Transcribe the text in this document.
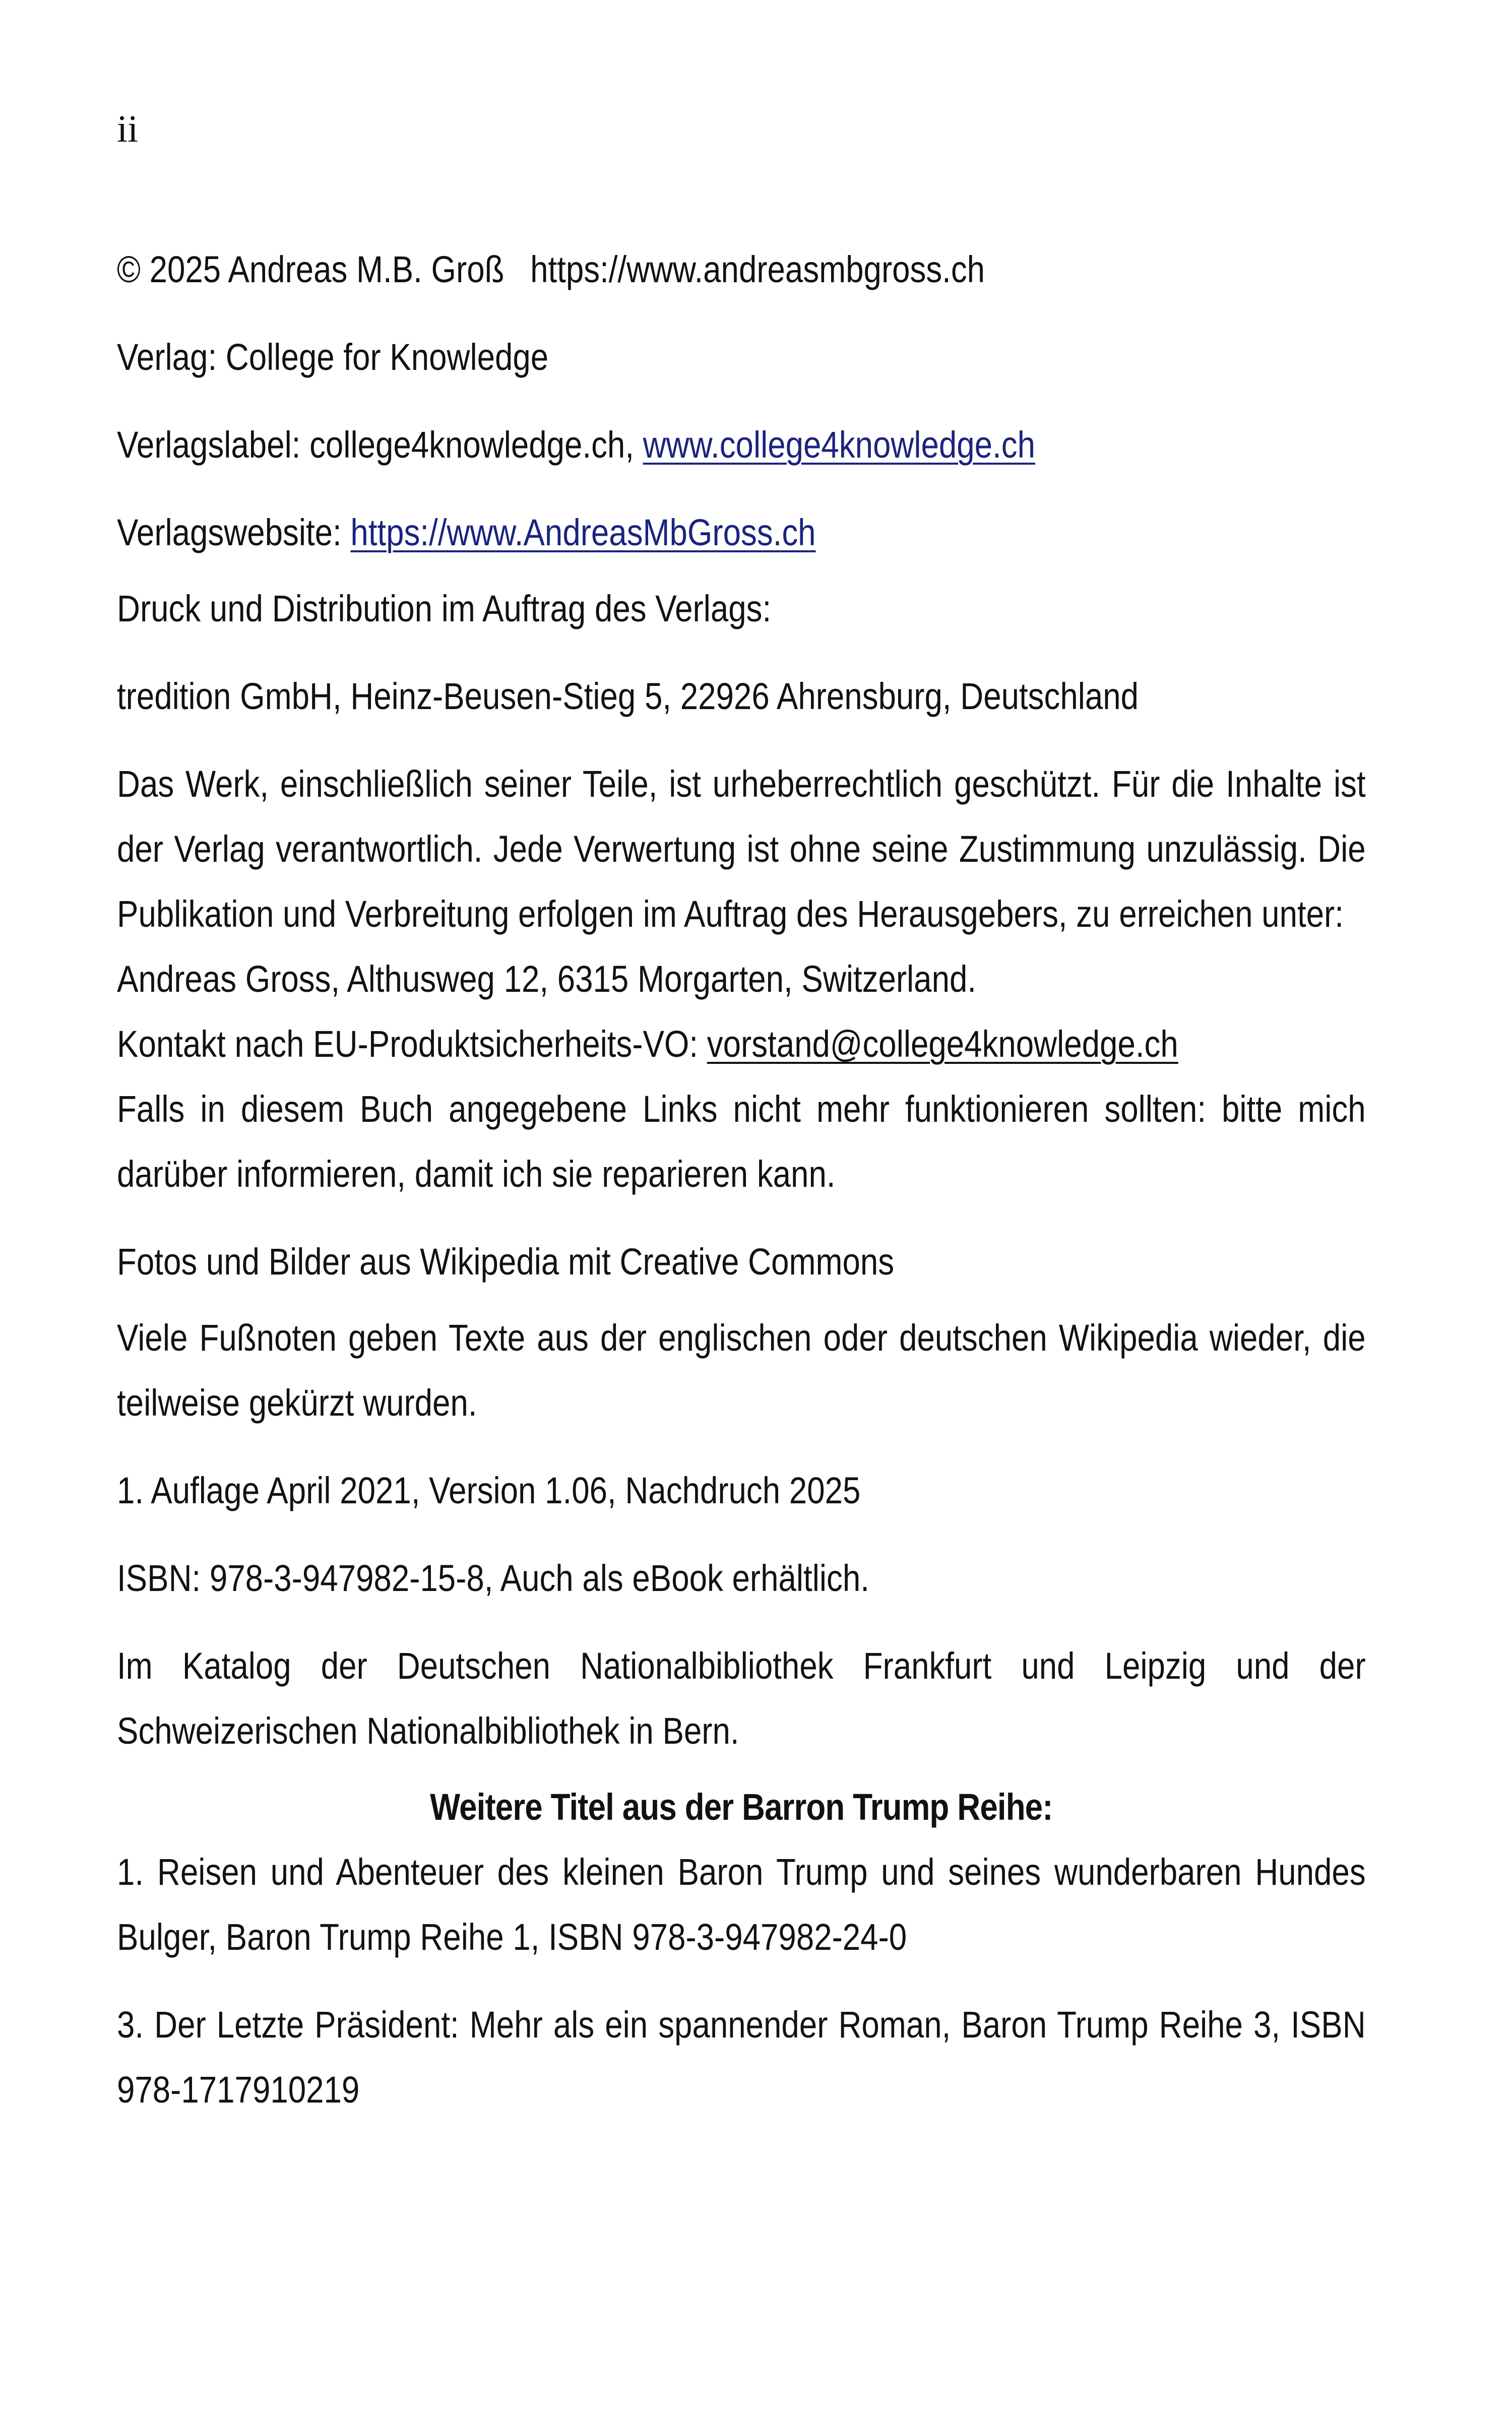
ii

© 2025 Andreas M.B. Groß https://www.andreasmbgross.ch

Verlag: College for Knowledge

Verlagslabel: college4knowledge.ch, www.college4knowledge.ch

Verlagswebsite: https://www.AndreasMbGross.ch

Druck und Distribution im Auftrag des Verlags:

tredition GmbH, Heinz-Beusen-Stieg 5, 22926 Ahrensburg, Deutschland

Das Werk, einschließlich seiner Teile, ist urheberrechtlich geschützt. Für die Inhalte ist der Verlag verantwortlich. Jede Verwertung ist ohne seine Zustimmung unzulässig. Die Publikation und Verbreitung erfolgen im Auftrag des Herausgebers, zu erreichen unter:

Andreas Gross, Althusweg 12, 6315 Morgarten, Switzerland.

Kontakt nach EU-Produktsicherheits-VO: vorstand@college4knowledge.ch

Falls in diesem Buch angegebene Links nicht mehr funktionieren sollten: bitte mich darüber informieren, damit ich sie reparieren kann.

Fotos und Bilder aus Wikipedia mit Creative Commons

Viele Fußnoten geben Texte aus der englischen oder deutschen Wikipedia wieder, die teilweise gekürzt wurden.

1. Auflage April 2021, Version 1.06, Nachdruch 2025

ISBN: 978-3-947982-15-8, Auch als eBook erhältlich.

Im Katalog der Deutschen Nationalbibliothek Frankfurt und Leipzig und der Schweizerischen Nationalbibliothek in Bern.

Weitere Titel aus der Barron Trump Reihe:

1. Reisen und Abenteuer des kleinen Baron Trump und seines wunderbaren Hundes Bulger, Baron Trump Reihe 1, ISBN 978-3-947982-24-0

3. Der Letzte Präsident: Mehr als ein spannender Roman, Baron Trump Reihe 3, ISBN 978-1717910219
